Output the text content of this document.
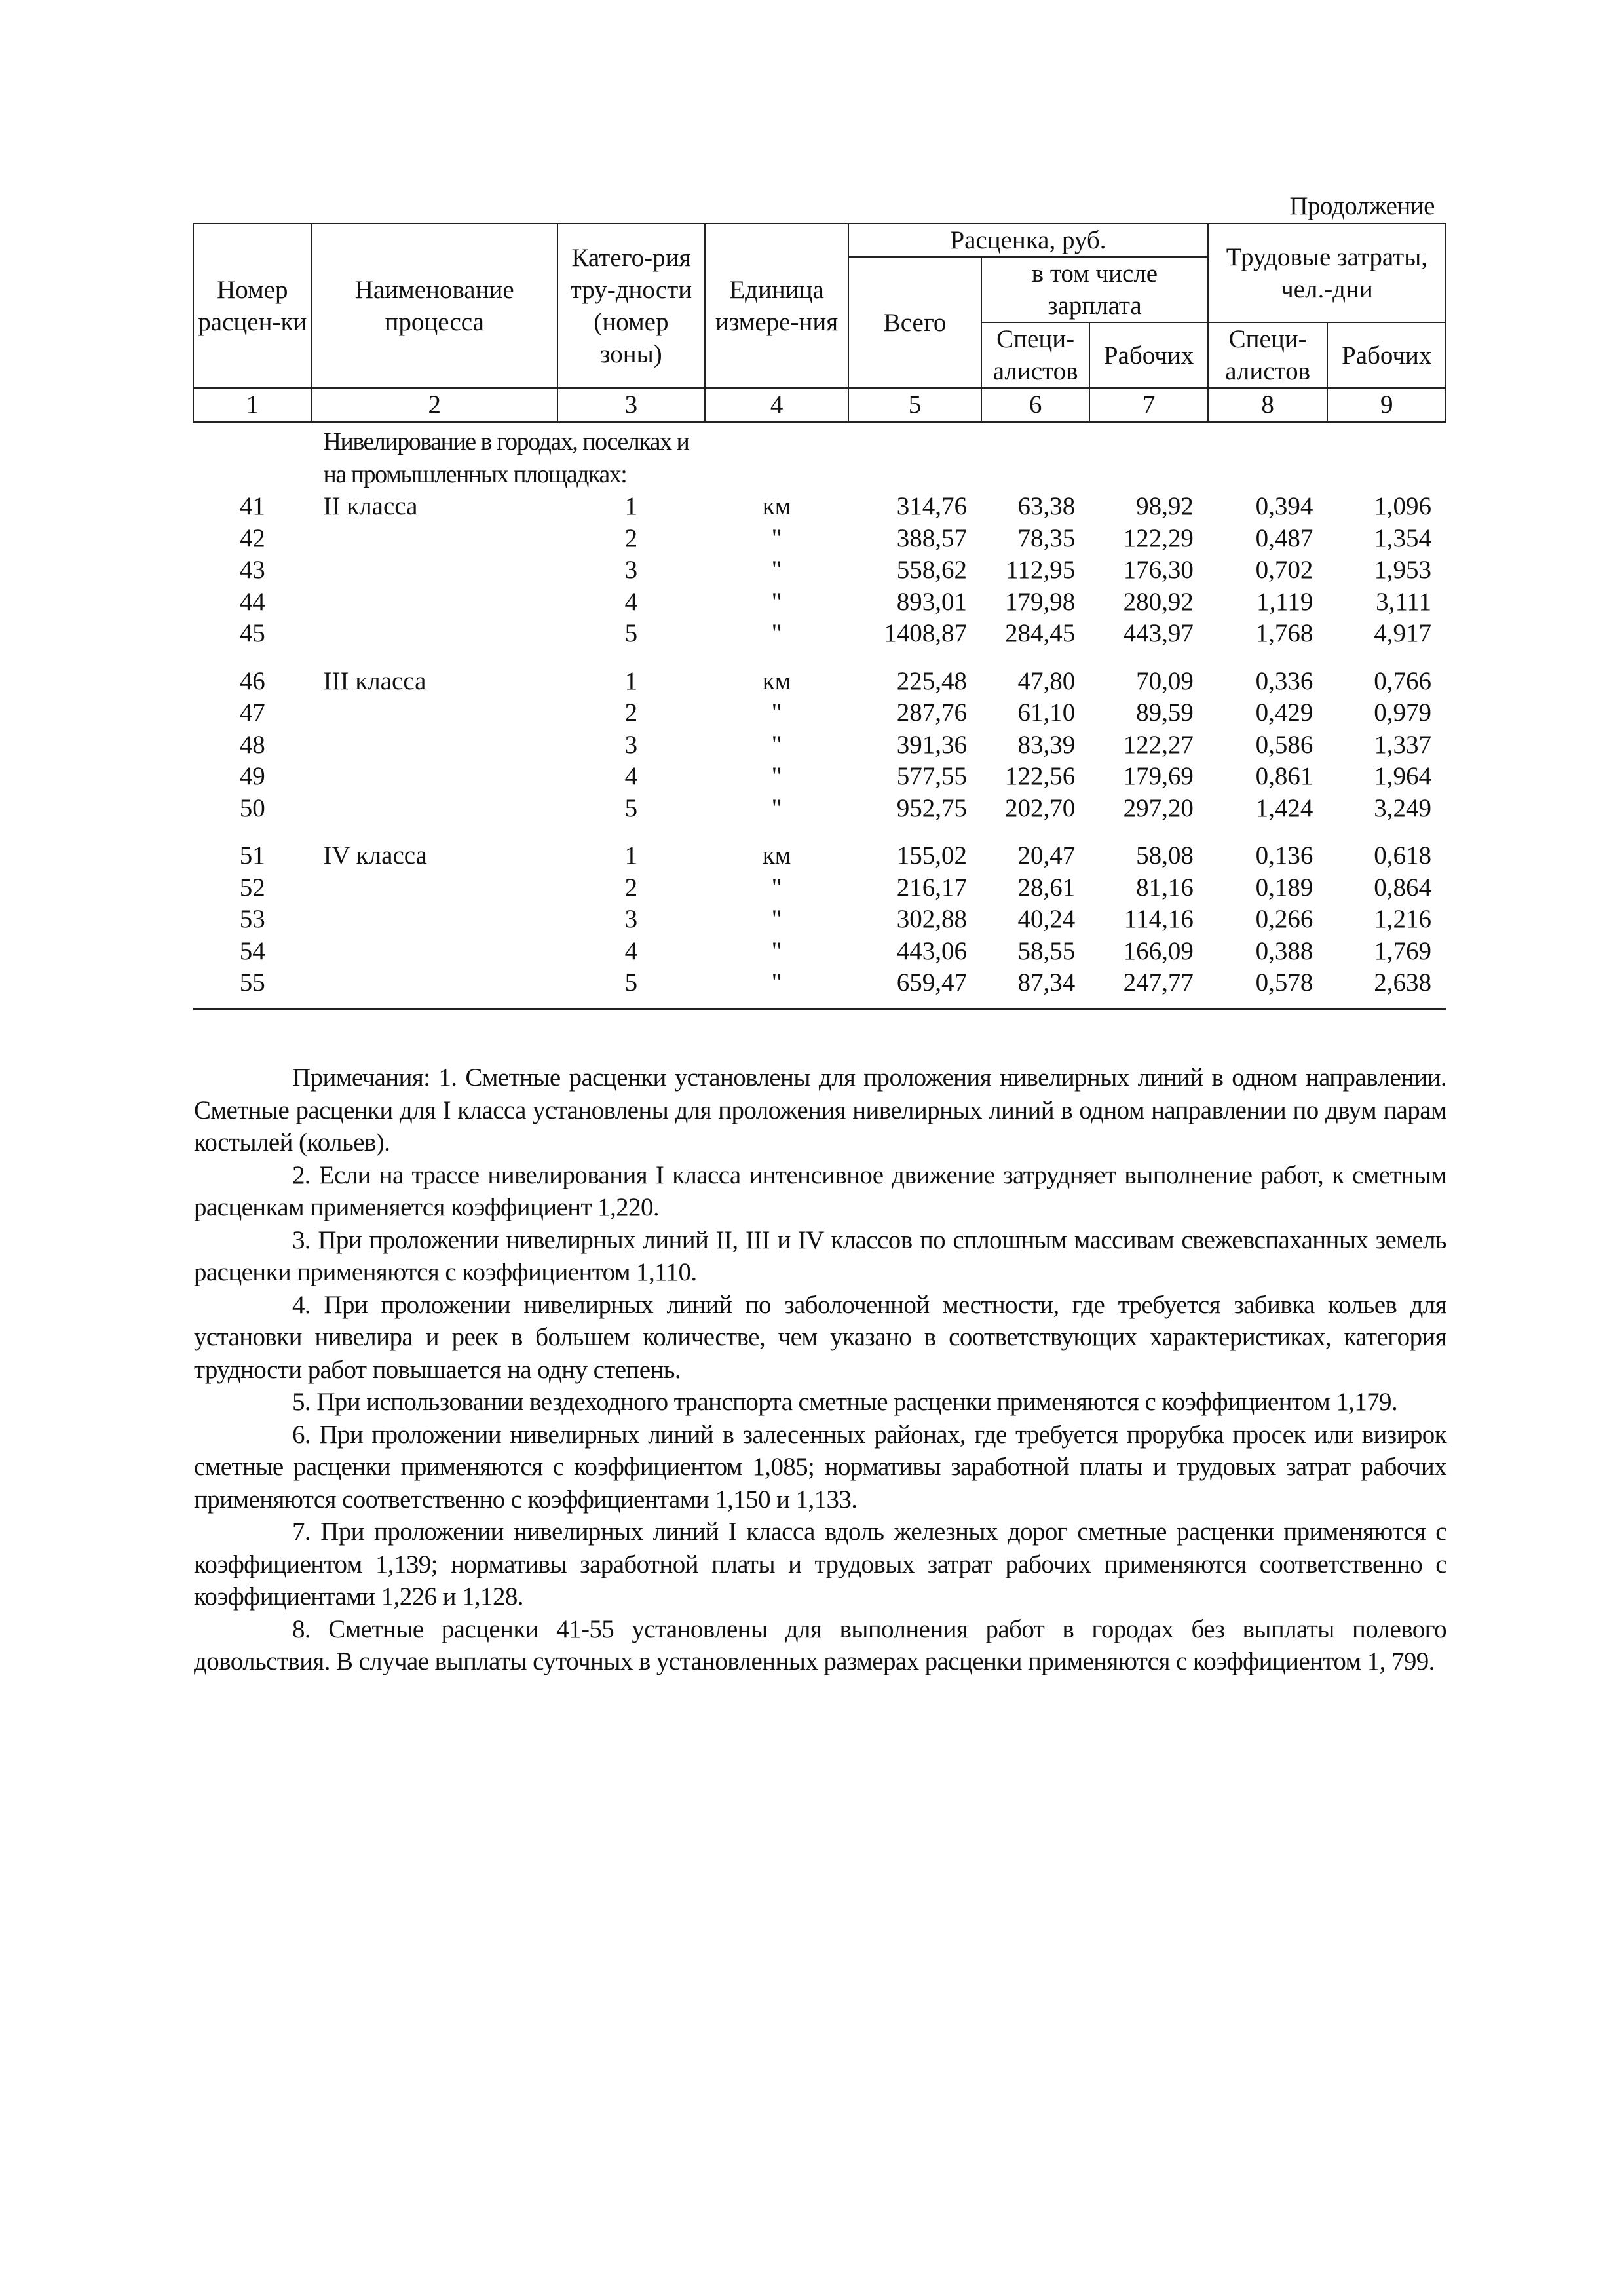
Продолжение
Номер расцен-ки	Наименование процесса	Катего-рия тру-дности (номер зоны)	Единица измере-ния	Расценка, руб.			Трудовые затраты, чел.-дни	
				Всего	в том числе зарплата			
					Специ-алистов	Рабочих	Специ-алистов	Рабочих

1	2	3	4	5	6	7	8	9
	Нивелирование в городах, поселках и на промышленных площадках:							
41	II класса	1	км	314,76	63,38	98,92	0,394	1,096
42		2	"	388,57	78,35	122,29	0,487	1,354
43		3	"	558,62	112,95	176,30	0,702	1,953
44		4	"	893,01	179,98	280,92	1,119	3,111
45		5	"	1408,87	284,45	443,97	1,768	4,917

46	III класса	1	км	225,48	47,80	70,09	0,336	0,766
47		2	"	287,76	61,10	89,59	0,429	0,979
48		3	"	391,36	83,39	122,27	0,586	1,337
49		4	"	577,55	122,56	179,69	0,861	1,964
50		5	"	952,75	202,70	297,20	1,424	3,249

51	IV класса	1	км	155,02	20,47	58,08	0,136	0,618
52		2	"	216,17	28,61	81,16	0,189	0,864
53		3	"	302,88	40,24	114,16	0,266	1,216
54		4	"	443,06	58,55	166,09	0,388	1,769
55		5	"	659,47	87,34	247,77	0,578	2,638

Примечания: 1. Сметные расценки установлены для проложения нивелирных линий в одном направлении. Сметные расценки для I класса установлены для проложения нивелирных линий в одном направлении по двум парам костылей (кольев).

2. Если на трассе нивелирования I класса интенсивное движение затрудняет выполнение работ, к сметным расценкам применяется коэффициент 1,220.

3. При проложении нивелирных линий II, III и IV классов по сплошным массивам свежевспаханных земель расценки применяются с коэффициентом 1,110.

4. При проложении нивелирных линий по заболоченной местности, где требуется забивка кольев для установки нивелира и реек в большем количестве, чем указано в соответствующих характеристиках, категория трудности работ повышается на одну степень.

5. При использовании вездеходного транспорта сметные расценки применяются с коэффициентом 1,179.

6. При проложении нивелирных линий в залесенных районах, где требуется прорубка просек или визирок сметные расценки применяются с коэффициентом 1,085; нормативы заработной платы и трудовых затрат рабочих применяются соответственно с коэффициентами 1,150 и 1,133.

7. При проложении нивелирных линий I класса вдоль железных дорог сметные расценки применяются с коэффициентом 1,139; нормативы заработной платы и трудовых затрат рабочих применяются соответственно с коэффициентами 1,226 и 1,128.

8. Сметные расценки 41-55 установлены для выполнения работ в городах без выплаты полевого довольствия. В случае выплаты суточных в установленных размерах расценки применяются с коэффициентом 1, 799.
